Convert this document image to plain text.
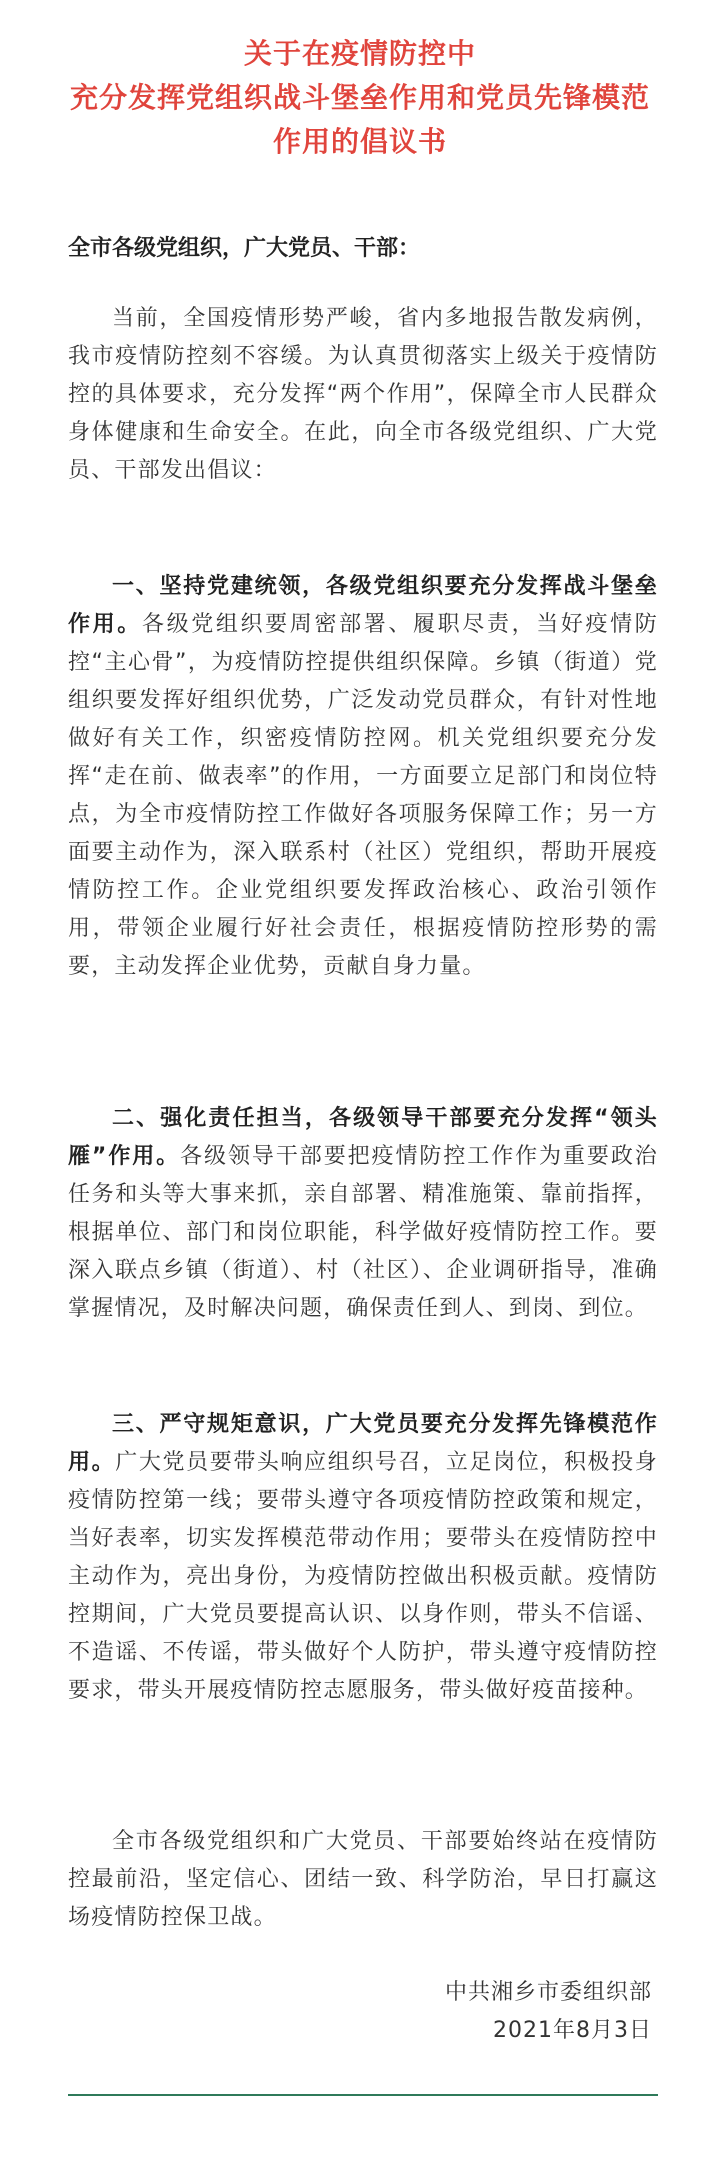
关于在疫情防控中
充分发挥党组织战斗堡垒作用和党员先锋模范
作用的倡议书
全市各级党组织，广大党员、干部：

当前，全国疫情形势严峻，省内多地报告散发病例，我市疫情防控刻不容缓。为认真贯彻落实上级关于疫情防控的具体要求，充分发挥“两个作用”，保障全市人民群众身体健康和生命安全。在此，向全市各级党组织、广大党员、干部发出倡议：

一、坚持党建统领，各级党组织要充分发挥战斗堡垒作用。各级党组织要周密部署、履职尽责，当好疫情防控“主心骨”，为疫情防控提供组织保障。乡镇（街道）党组织要发挥好组织优势，广泛发动党员群众，有针对性地做好有关工作，织密疫情防控网。机关党组织要充分发挥“走在前、做表率”的作用，一方面要立足部门和岗位特点，为全市疫情防控工作做好各项服务保障工作；另一方面要主动作为，深入联系村（社区）党组织，帮助开展疫情防控工作。企业党组织要发挥政治核心、政治引领作用，带领企业履行好社会责任，根据疫情防控形势的需要，主动发挥企业优势，贡献自身力量。

二、强化责任担当，各级领导干部要充分发挥“领头雁”作用。各级领导干部要把疫情防控工作作为重要政治任务和头等大事来抓，亲自部署、精准施策、靠前指挥，根据单位、部门和岗位职能，科学做好疫情防控工作。要深入联点乡镇（街道）、村（社区）、企业调研指导，准确掌握情况，及时解决问题，确保责任到人、到岗、到位。

三、严守规矩意识，广大党员要充分发挥先锋模范作用。广大党员要带头响应组织号召，立足岗位，积极投身疫情防控第一线；要带头遵守各项疫情防控政策和规定，当好表率，切实发挥模范带动作用；要带头在疫情防控中主动作为，亮出身份，为疫情防控做出积极贡献。疫情防控期间，广大党员要提高认识、以身作则，带头不信谣、不造谣、不传谣，带头做好个人防护，带头遵守疫情防控要求，带头开展疫情防控志愿服务，带头做好疫苗接种。

全市各级党组织和广大党员、干部要始终站在疫情防控最前沿，坚定信心、团结一致、科学防治，早日打赢这场疫情防控保卫战。

中共湘乡市委组织部
2021年8月3日
